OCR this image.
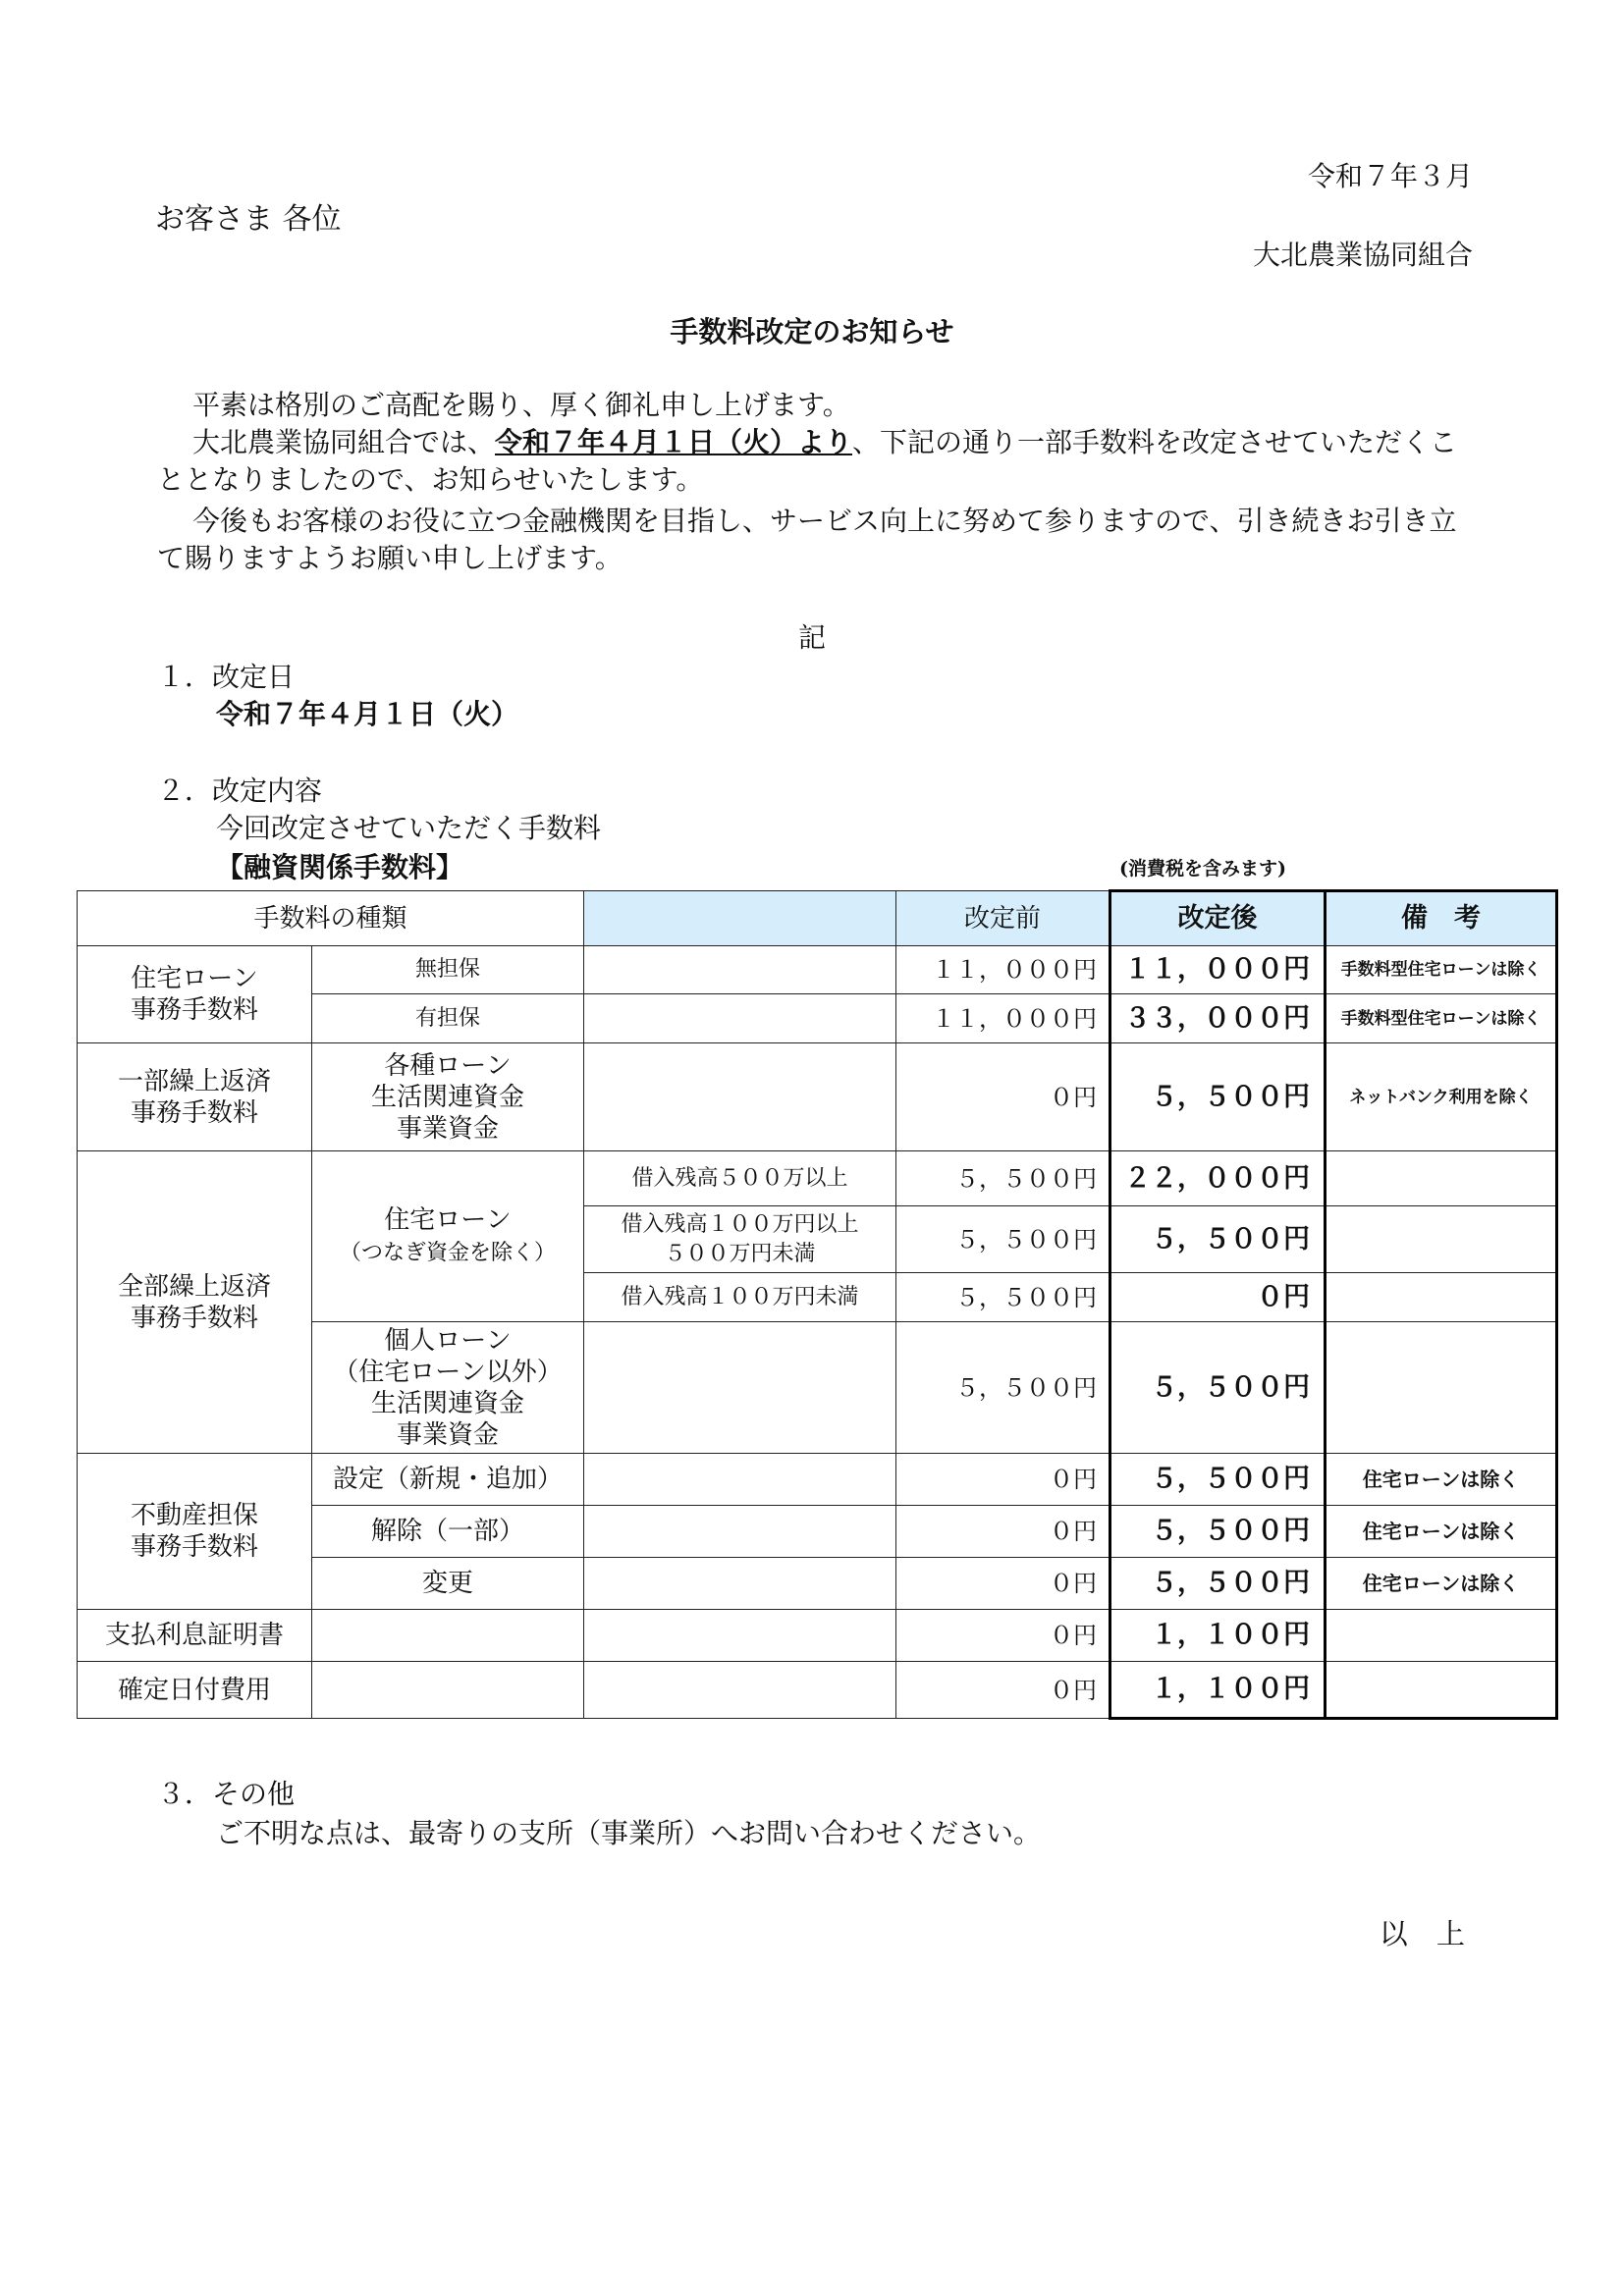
令和７年３月
お客さま 各位
大北農業協同組合
手数料改定のお知らせ
平素は格別のご高配を賜り、厚く御礼申し上げます。
大北農業協同組合では、令和７年４月１日（火）より、下記の通り一部手数料を改定させていただくこととなりましたので、お知らせいたします。
今後もお客様のお役に立つ金融機関を目指し、サービス向上に努めて参りますので、引き続きお引き立て賜りますようお願い申し上げます。
記
１．改定日
令和７年４月１日（火）
２．改定内容
今回改定させていただく手数料
【融資関係手数料】	(消費税を含みます)
手数料の種類			改定前	改定後	備　考
住宅ローン
事務手数料	無担保		１１，０００円	１１，０００円	手数料型住宅ローンは除く
	有担保		１１，０００円	３３，０００円	手数料型住宅ローンは除く
一部繰上返済
事務手数料	各種ローン
生活関連資金
事業資金		０円	５，５００円	ネットバンク利用を除く
全部繰上返済
事務手数料	住宅ローン
（つなぎ資金を除く）	借入残高５００万以上	５，５００円	２２，０００円	
		借入残高１００万円以上
５００万円未満	５，５００円	５，５００円	
		借入残高１００万円未満	５，５００円	０円	
	個人ローン
（住宅ローン以外）
生活関連資金
事業資金		５，５００円	５，５００円	
不動産担保
事務手数料	設定（新規・追加）		０円	５，５００円	住宅ローンは除く
	解除（一部）		０円	５，５００円	住宅ローンは除く
	変更		０円	５，５００円	住宅ローンは除く
支払利息証明書			０円	１，１００円	
確定日付費用			０円	１，１００円	
３．その他
ご不明な点は、最寄りの支所（事業所）へお問い合わせください。
以 上
